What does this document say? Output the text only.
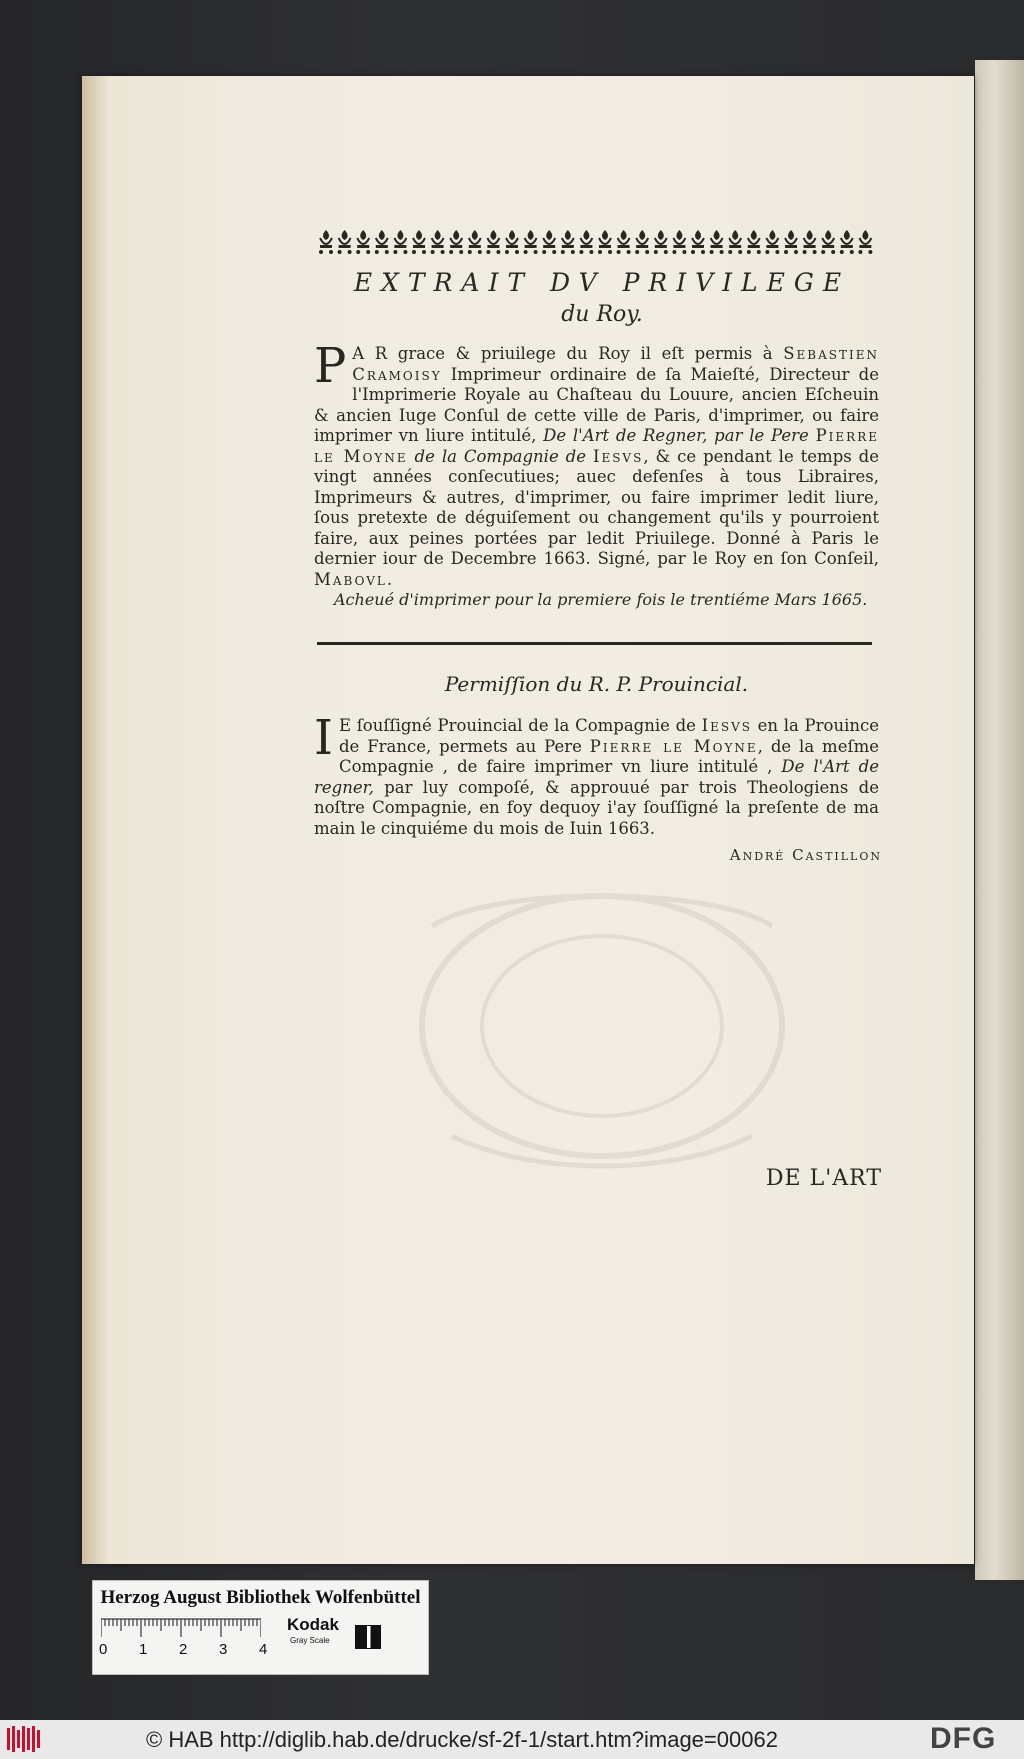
EXTRAIT DV PRIVILEGE
du Roy.
P A R grace & priuilege du Roy il eſt permis à Sebastien Cramoisy Imprimeur ordinaire de ſa Maieſté, Directeur de l'Imprimerie Royale au Chaſteau du Louure, ancien Eſcheuin & ancien Iuge Conſul de cette ville de Paris, d'imprimer, ou faire imprimer vn liure intitulé, De l'Art de Regner, par le Pere Pierre le Moyne de la Compagnie de Iesvs, & ce pendant le temps de vingt années conſecutiues; auec defenſes à tous Libraires, Imprimeurs & autres, d'imprimer, ou faire imprimer ledit liure, ſous pretexte de déguiſement ou changement qu'ils y pourroient faire, aux peines portées par ledit Priuilege. Donné à Paris le dernier iour de Decembre 1663. Signé, par le Roy en ſon Conſeil, Mabovl.
Acheué d'imprimer pour la premiere fois le trentiéme Mars 1665.
Permiſſion du R. P. Prouincial.
I E ſouſſigné Prouincial de la Compagnie de Iesvs en la Prouince de France, permets au Pere Pierre le Moyne, de la meſme Compagnie , de faire imprimer vn liure intitulé , De l'Art de regner, par luy compoſé, & approuué par trois Theologiens de noſtre Compagnie, en foy dequoy i'ay ſouſſigné la preſente de ma main le cinquiéme du mois de Iuin 1663.
André Castillon
DE L'ART
Herzog August Bibliothek Wolfenbüttel
0 1 2 3 4
Kodak
Gray Scale
© HAB http://diglib.hab.de/drucke/sf-2f-1/start.htm?image=00062	DFG
